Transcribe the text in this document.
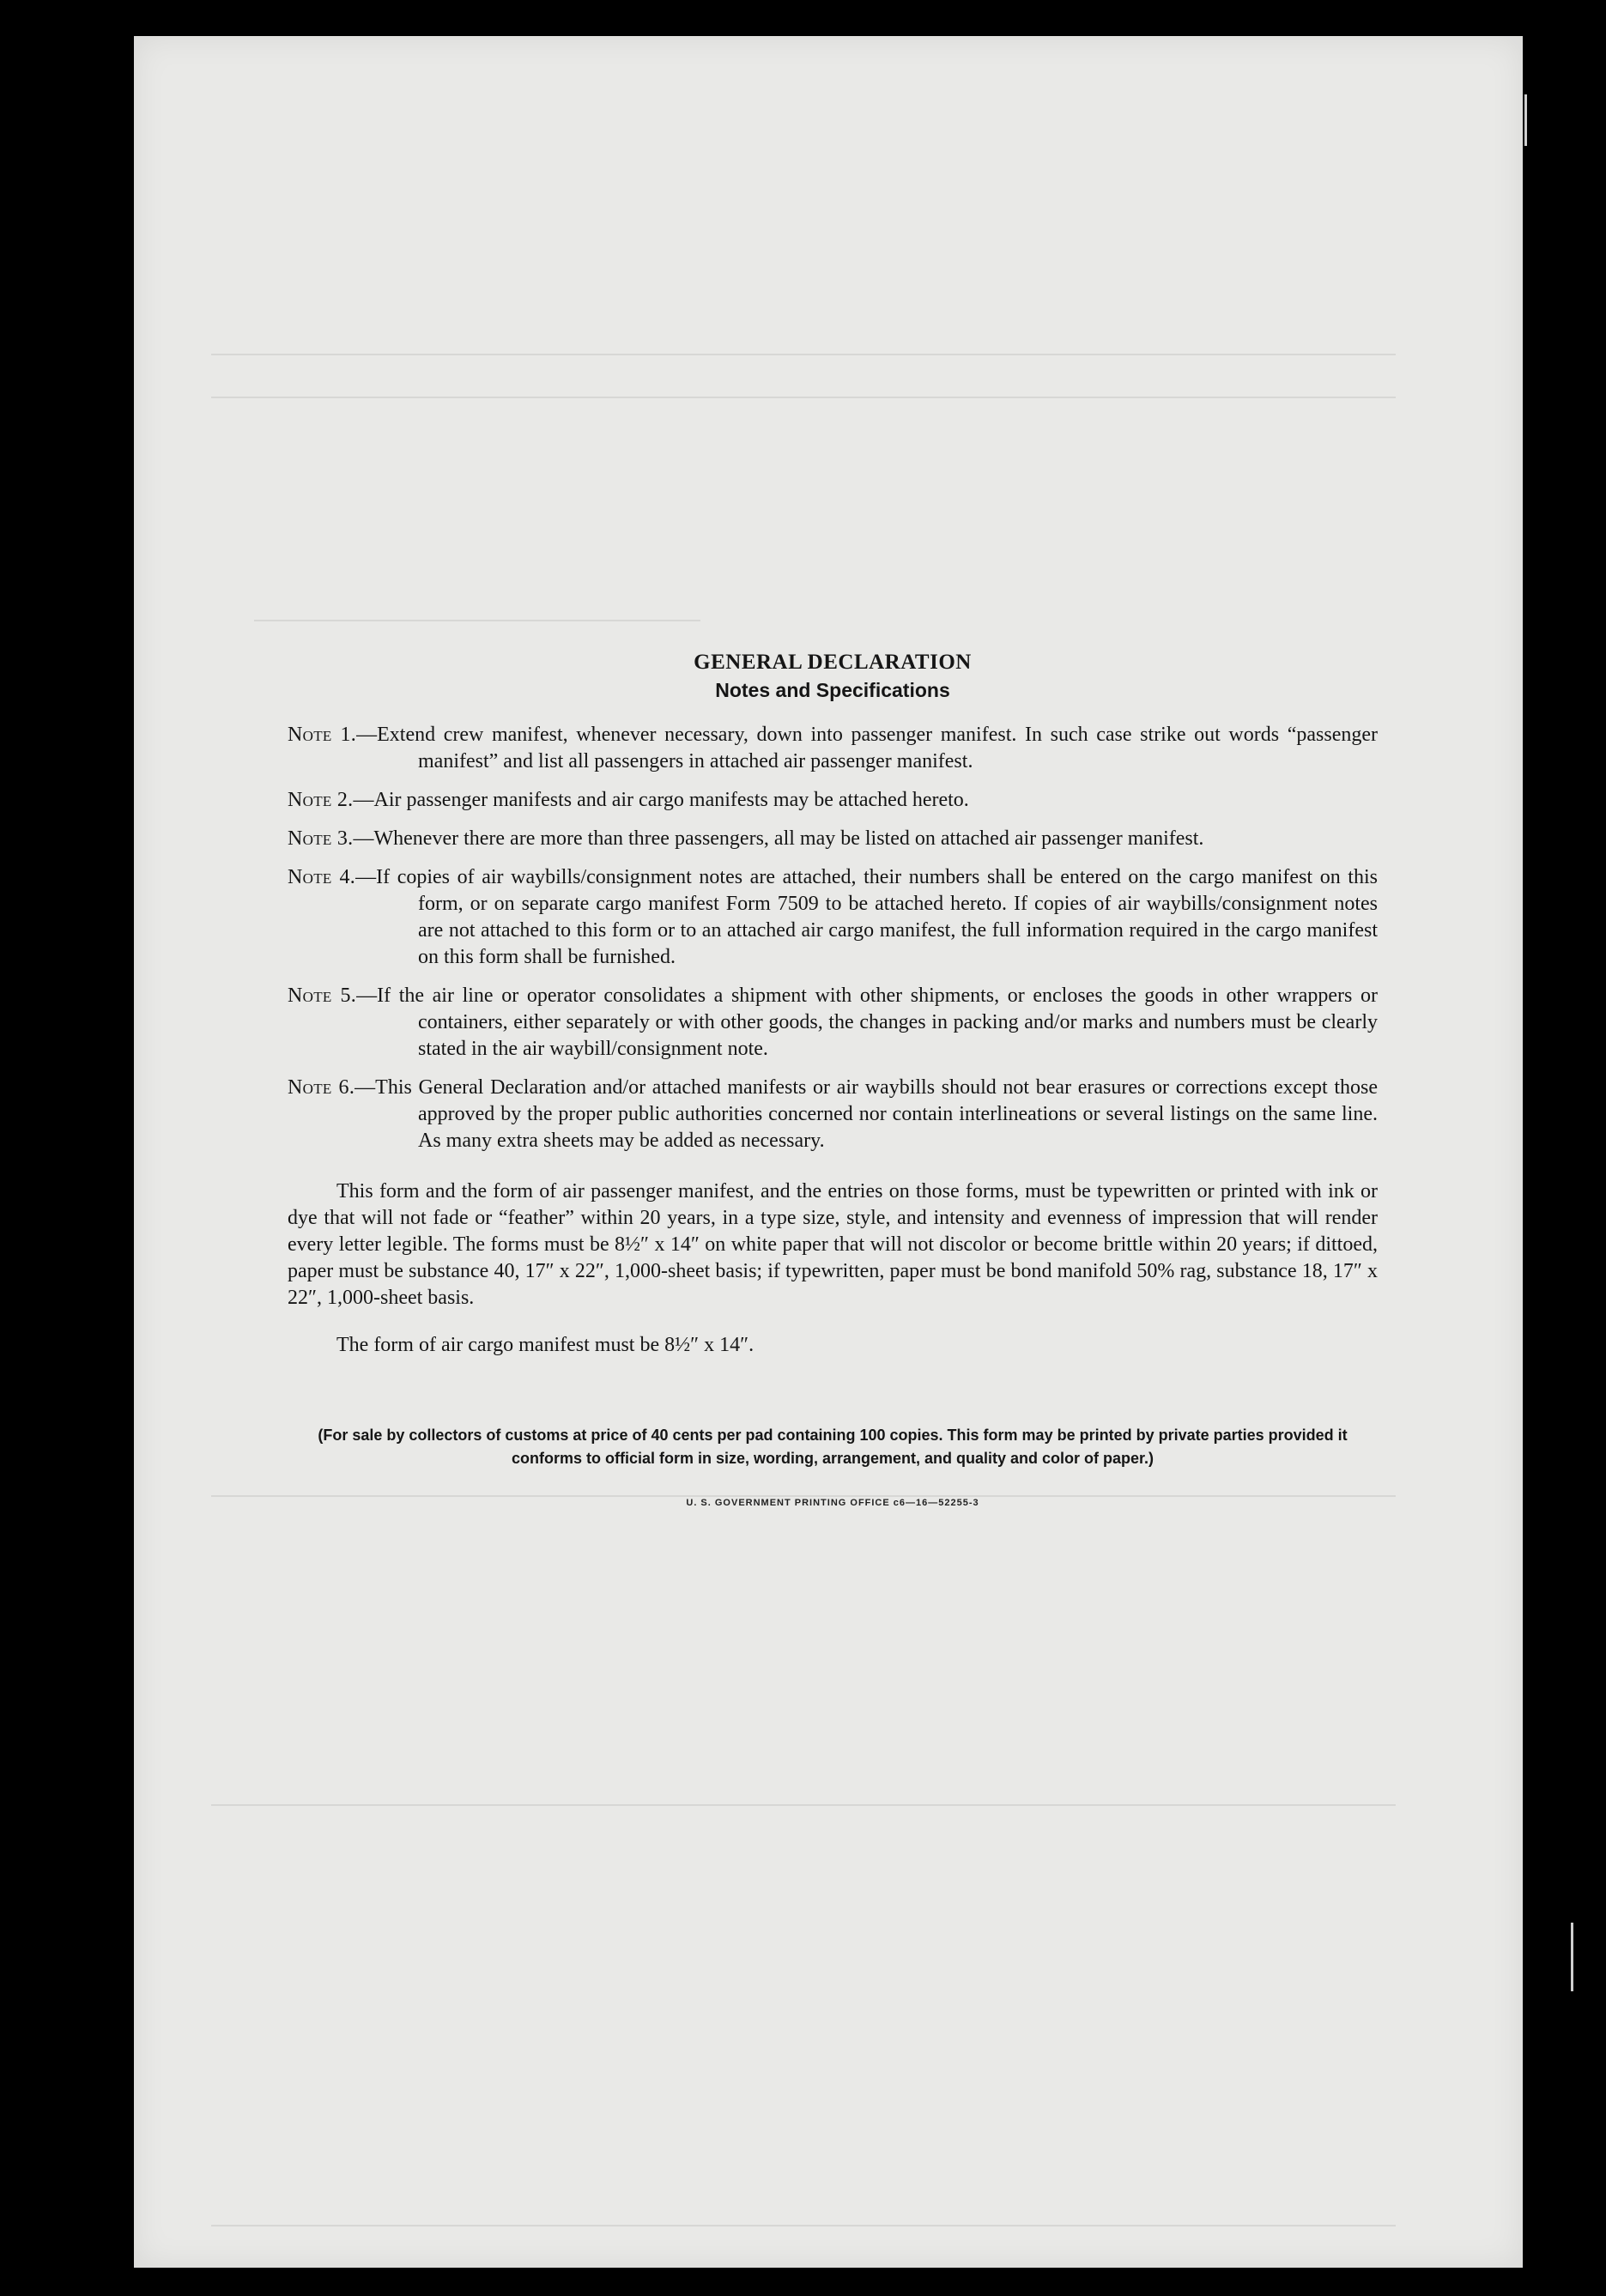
GENERAL DECLARATION

Notes and Specifications

Note 1.—Extend crew manifest, whenever necessary, down into passenger manifest. In such case strike out words “passenger manifest” and list all passengers in attached air passenger manifest.
Note 2.—Air passenger manifests and air cargo manifests may be attached hereto.
Note 3.—Whenever there are more than three passengers, all may be listed on attached air passenger manifest.
Note 4.—If copies of air waybills/consignment notes are attached, their numbers shall be entered on the cargo manifest on this form, or on separate cargo manifest Form 7509 to be attached hereto. If copies of air waybills/consignment notes are not attached to this form or to an attached air cargo manifest, the full information required in the cargo manifest on this form shall be furnished.
Note 5.—If the air line or operator consolidates a shipment with other shipments, or encloses the goods in other wrappers or containers, either separately or with other goods, the changes in packing and/or marks and numbers must be clearly stated in the air waybill/consignment note.
Note 6.—This General Declaration and/or attached manifests or air waybills should not bear erasures or corrections except those approved by the proper public authorities concerned nor contain interlineations or several listings on the same line. As many extra sheets may be added as necessary.

This form and the form of air passenger manifest, and the entries on those forms, must be typewritten or printed with ink or dye that will not fade or “feather” within 20 years, in a type size, style, and intensity and evenness of impression that will render every letter legible. The forms must be 8½″ x 14″ on white paper that will not discolor or become brittle within 20 years; if dittoed, paper must be substance 40, 17″ x 22″, 1,000-sheet basis; if typewritten, paper must be bond manifold 50% rag, substance 18, 17″ x 22″, 1,000-sheet basis.

The form of air cargo manifest must be 8½″ x 14″.

(For sale by collectors of customs at price of 40 cents per pad containing 100 copies. This form may be printed by private parties provided it conforms to official form in size, wording, arrangement, and quality and color of paper.)
U. S. GOVERNMENT PRINTING OFFICE c6—16—52255-3
